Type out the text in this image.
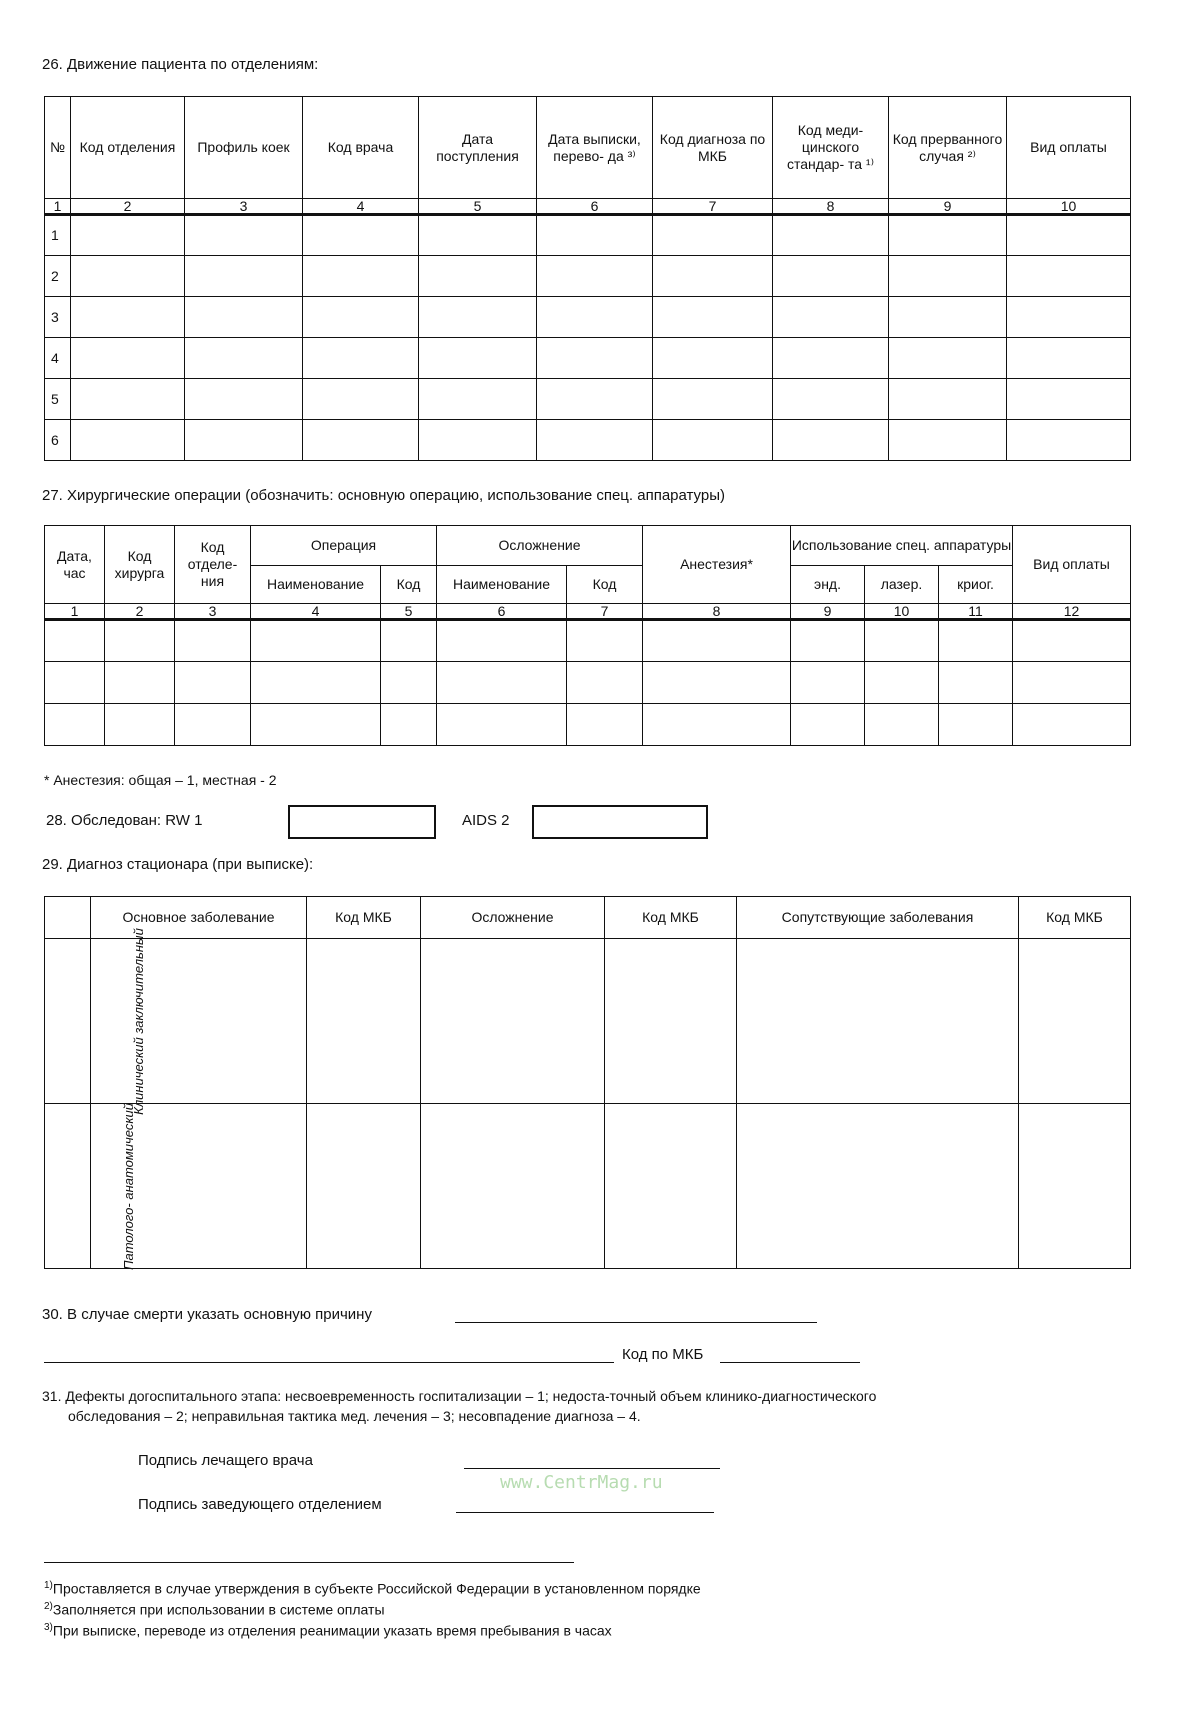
26. Движение пациента по отделениям:
№	Код отделения	Профиль коек	Код врача	Дата поступления	Дата выписки, перево- да ³⁾	Код диагноза по МКБ	Код меди- цинского стандар- та ¹⁾	Код прерванного случая ²⁾	Вид оплаты
1	2	3	4	5	6	7	8	9	10
1									
2									
3									
4									
5									
6									
27. Хирургические операции (обозначить: основную операцию, использование спец. аппаратуры)
Дата, час	Код хирурга	Код отделе- ния	Операция		Осложнение		Анестезия*	Использование спец. аппаратуры			Вид оплаты
			Наименование	Код	Наименование	Код		энд.	лазер.	криог.	
1	2	3	4	5	6	7	8	9	10	11	12

* Анестезия: общая – 1, местная - 2
28. Обследован: RW 1	AIDS 2
29. Диагноз стационара (при выписке):
	Основное заболевание	Код МКБ	Осложнение	Код МКБ	Сопутствующие заболевания	Код МКБ
Клинический заключительный						
Патолого- анатомический						
30. В случае смерти указать основную причину
Код по МКБ
31. Дефекты догоспитального этапа: несвоевременность госпитализации – 1; недоста-точный объем клинико-диагностического
обследования – 2; неправильная тактика мед. лечения – 3; несовпадение диагноза – 4.
Подпись лечащего врача
www.CentrMag.ru
Подпись заведующего отделением
$^{1)}$Проставляется в случае утверждения в субъекте Российской Федерации в установленном порядке
$^{2)}$Заполняется при использовании в системе оплаты
$^{3)}$При выписке, переводе из отделения реанимации указать время пребывания в часах
